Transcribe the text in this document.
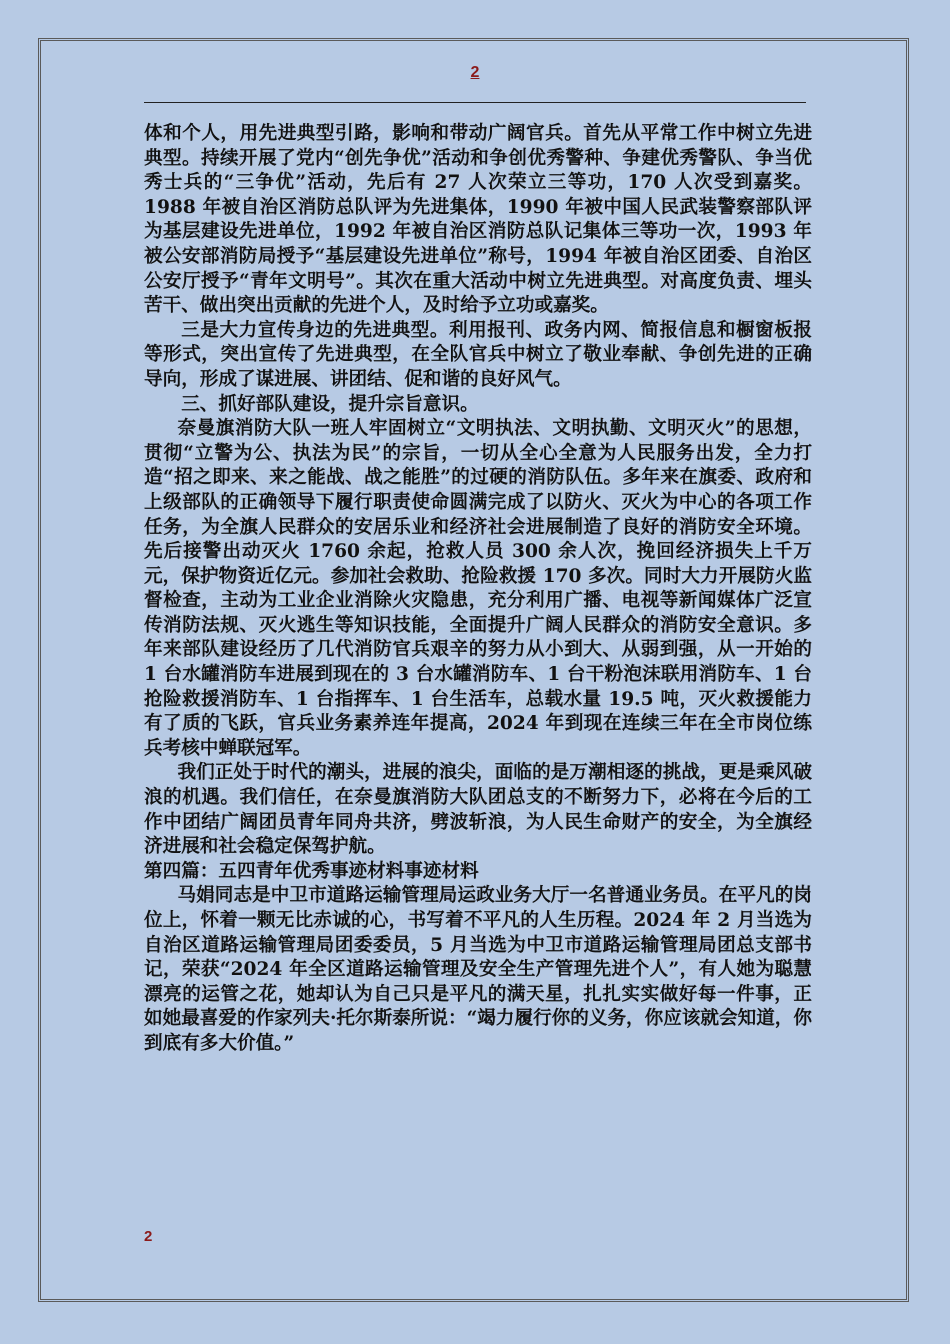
2

体和个人，用先进典型引路，影响和带动广阔官兵。首先从平常工作中树立先进典型。持续开展了党内“创先争优”活动和争创优秀警种、争建优秀警队、争当优秀士兵的“三争优”活动，先后有 27 人次荣立三等功，170 人次受到嘉奖。1988 年被自治区消防总队评为先进集体，1990 年被中国人民武装警察部队评为基层建设先进单位，1992 年被自治区消防总队记集体三等功一次，1993 年被公安部消防局授予“基层建设先进单位”称号，1994 年被自治区团委、自治区公安厅授予“青年文明号”。其次在重大活动中树立先进典型。对高度负责、埋头苦干、做出突出贡献的先进个人，及时给予立功或嘉奖。

三是大力宣传身边的先进典型。利用报刊、政务内网、简报信息和橱窗板报等形式，突出宣传了先进典型，在全队官兵中树立了敬业奉献、争创先进的正确导向，形成了谋进展、讲团结、促和谐的良好风气。

三、抓好部队建设，提升宗旨意识。

奈曼旗消防大队一班人牢固树立“文明执法、文明执勤、文明灭火”的思想，贯彻“立警为公、执法为民”的宗旨，一切从全心全意为人民服务出发，全力打造“招之即来、来之能战、战之能胜”的过硬的消防队伍。多年来在旗委、政府和上级部队的正确领导下履行职责使命圆满完成了以防火、灭火为中心的各项工作任务，为全旗人民群众的安居乐业和经济社会进展制造了良好的消防安全环境。先后接警出动灭火 1760 余起，抢救人员 300 余人次，挽回经济损失上千万元，保护物资近亿元。参加社会救助、抢险救援 170 多次。同时大力开展防火监督检查，主动为工业企业消除火灾隐患，充分利用广播、电视等新闻媒体广泛宣传消防法规、灭火逃生等知识技能，全面提升广阔人民群众的消防安全意识。多年来部队建设经历了几代消防官兵艰辛的努力从小到大、从弱到强，从一开始的 1 台水罐消防车进展到现在的 3 台水罐消防车、1 台干粉泡沫联用消防车、1 台抢险救援消防车、1 台指挥车、1 台生活车，总载水量 19.5 吨，灭火救援能力有了质的飞跃，官兵业务素养连年提高，2024 年到现在连续三年在全市岗位练兵考核中蝉联冠军。

我们正处于时代的潮头，进展的浪尖，面临的是万潮相逐的挑战，更是乘风破浪的机遇。我们信任，在奈曼旗消防大队团总支的不断努力下，必将在今后的工作中团结广阔团员青年同舟共济，劈波斩浪，为人民生命财产的安全，为全旗经济进展和社会稳定保驾护航。

第四篇：五四青年优秀事迹材料事迹材料

马娟同志是中卫市道路运输管理局运政业务大厅一名普通业务员。在平凡的岗位上，怀着一颗无比赤诚的心，书写着不平凡的人生历程。2024 年 2 月当选为自治区道路运输管理局团委委员，5 月当选为中卫市道路运输管理局团总支部书记，荣获“2024 年全区道路运输管理及安全生产管理先进个人”，有人她为聪慧漂亮的运管之花，她却认为自己只是平凡的满天星，扎扎实实做好每一件事，正如她最喜爱的作家列夫·托尔斯泰所说：“竭力履行你的义务，你应该就会知道，你到底有多大价值。”

2
